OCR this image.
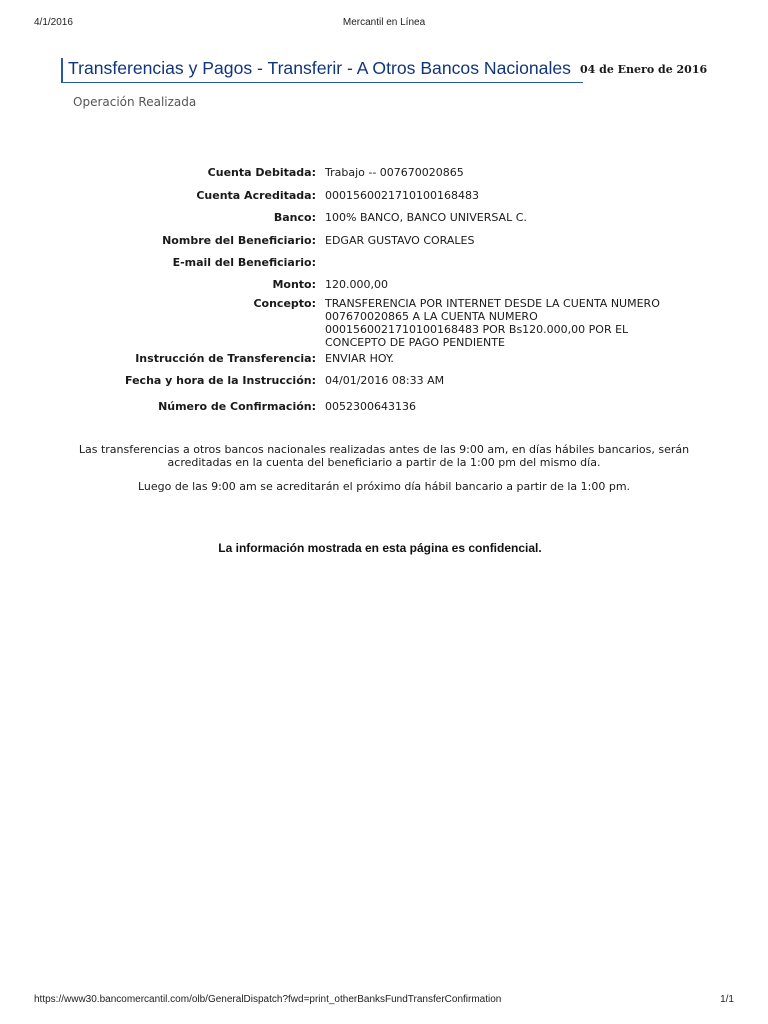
4/1/2016	Mercantil en Línea
Transferencias y Pagos - Transferir - A Otros Bancos Nacionales 04 de Enero de 2016
Operación Realizada
Cuenta Debitada: Trabajo -- 007670020865
Cuenta Acreditada: 00015600217101001684​83
Banco: 100% BANCO, BANCO UNIVERSAL C.
Nombre del Beneficiario: EDGAR GUSTAVO CORALES
E-mail del Beneficiario:
Monto: 120.000,00
Concepto: TRANSFERENCIA POR INTERNET DESDE LA CUENTA NUMERO 007670020865 A LA CUENTA NUMERO 00015600217101001684​83 POR Bs120.000,00 POR EL CONCEPTO DE PAGO PENDIENTE
Instrucción de Transferencia: ENVIAR HOY.
Fecha y hora de la Instrucción: 04/01/2016 08:33 AM
Número de Confirmación: 0052300643136
Las transferencias a otros bancos nacionales realizadas antes de las 9:00 am, en días hábiles bancarios, serán acreditadas en la cuenta del beneficiario a partir de la 1:00 pm del mismo día.
Luego de las 9:00 am se acreditarán el próximo día hábil bancario a partir de la 1:00 pm.
La información mostrada en esta página es confidencial.
https://www30.bancomercantil.com/olb/GeneralDispatch?fwd=print_otherBanksFundTransferConfirmation	1/1
